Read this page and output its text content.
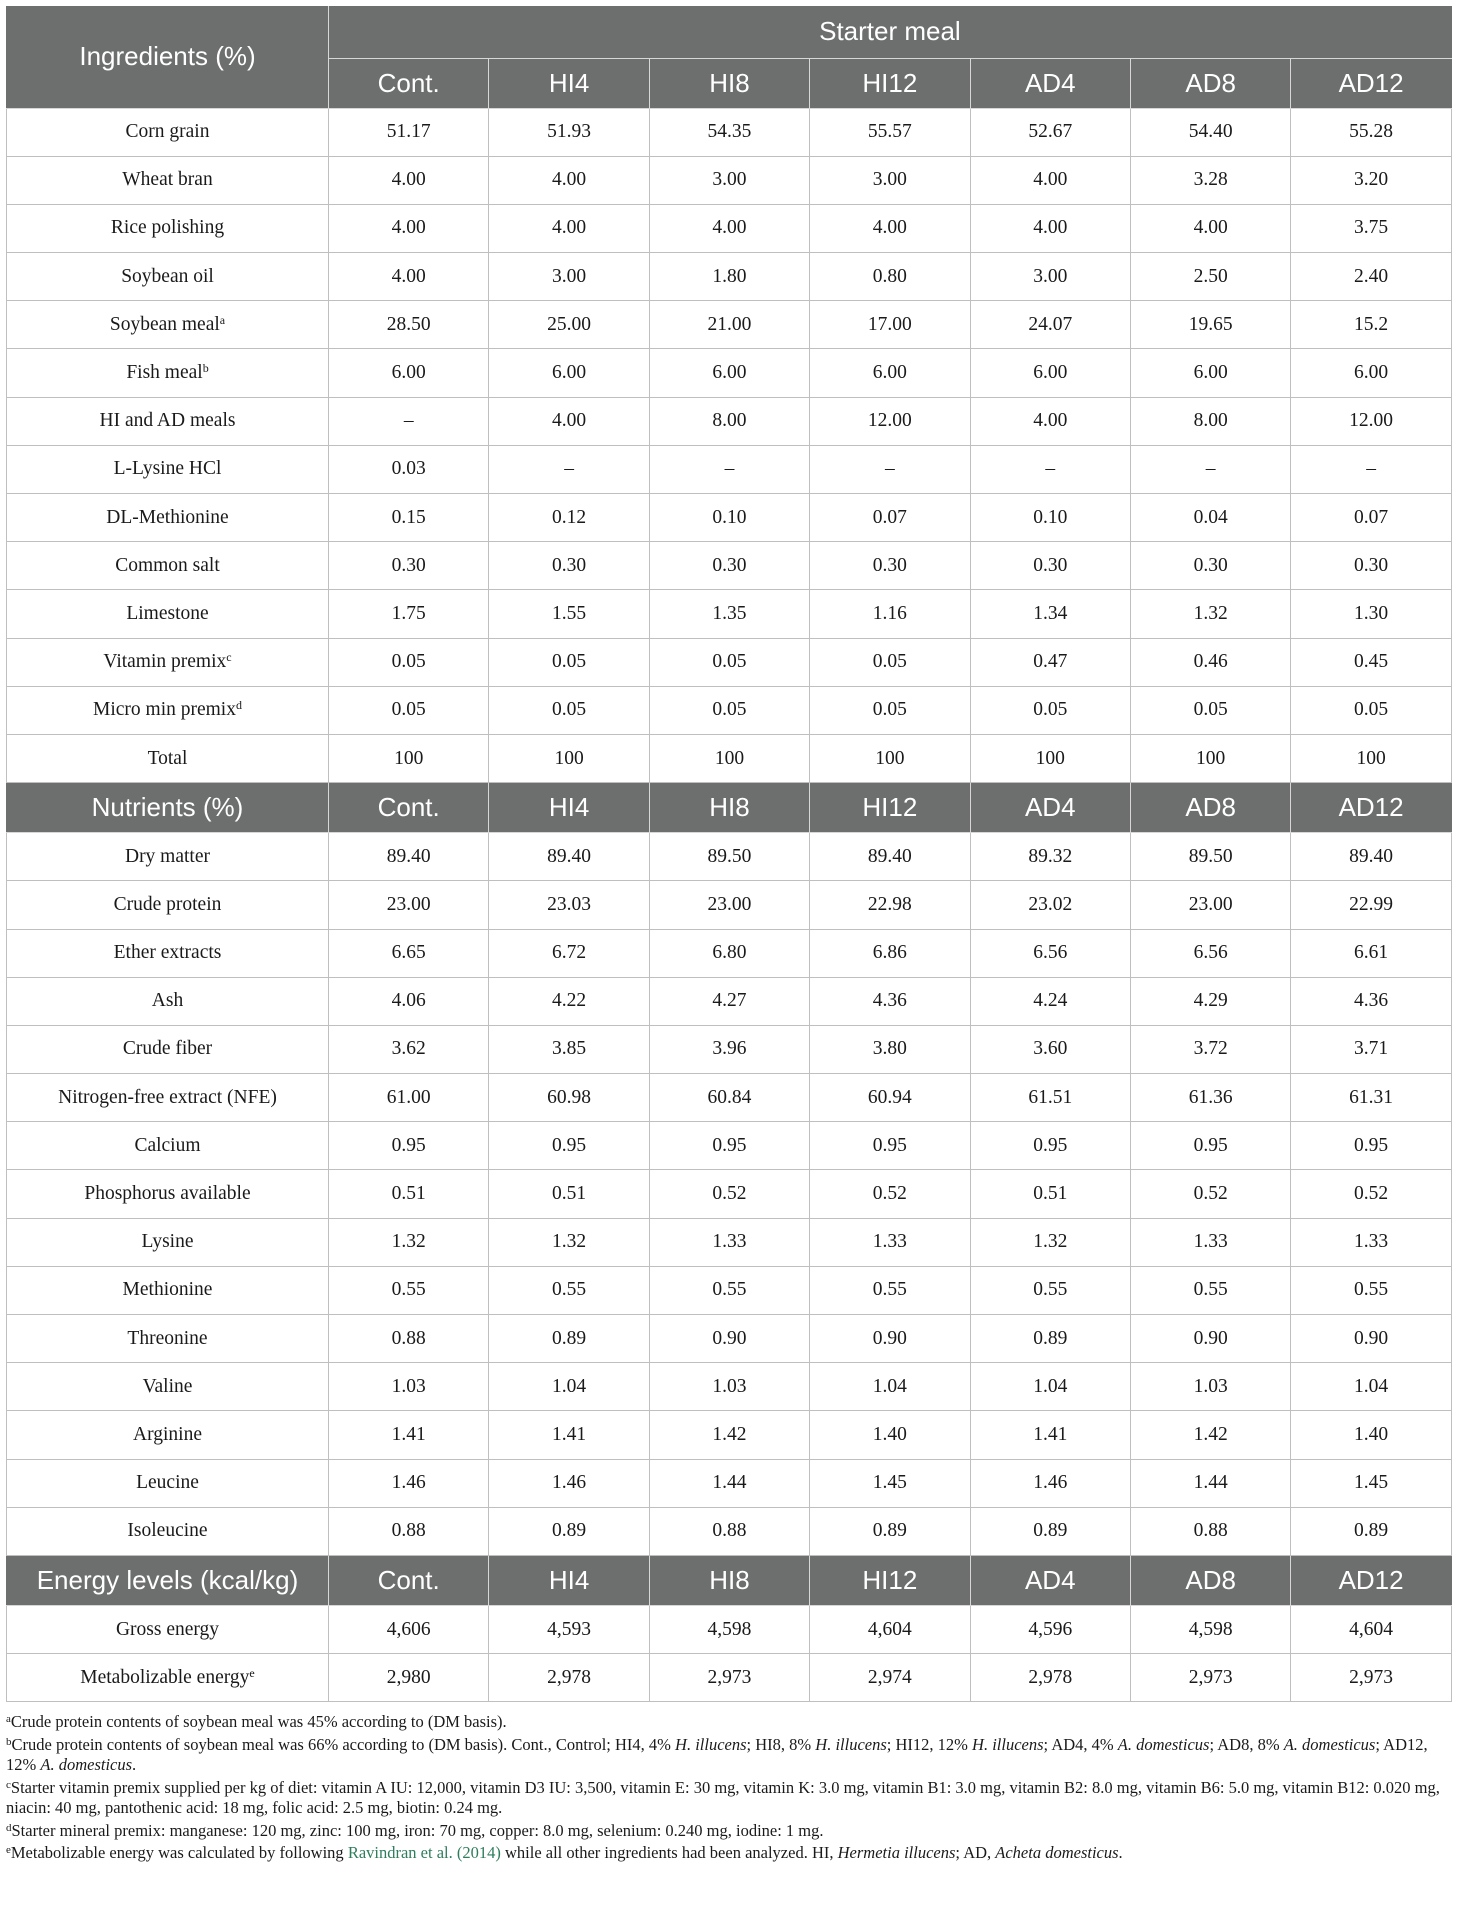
Ingredients (%)	Starter meal						
	Cont.	HI4	HI8	HI12	AD4	AD8	AD12
Corn grain	51.17	51.93	54.35	55.57	52.67	54.40	55.28
Wheat bran	4.00	4.00	3.00	3.00	4.00	3.28	3.20
Rice polishing	4.00	4.00	4.00	4.00	4.00	4.00	3.75
Soybean oil	4.00	3.00	1.80	0.80	3.00	2.50	2.40
Soybean meal$^a$	28.50	25.00	21.00	17.00	24.07	19.65	15.2
Fish meal$^b$	6.00	6.00	6.00	6.00	6.00	6.00	6.00
HI and AD meals	–	4.00	8.00	12.00	4.00	8.00	12.00
L-Lysine HCl	0.03	–	–	–	–	–	–
DL-Methionine	0.15	0.12	0.10	0.07	0.10	0.04	0.07
Common salt	0.30	0.30	0.30	0.30	0.30	0.30	0.30
Limestone	1.75	1.55	1.35	1.16	1.34	1.32	1.30
Vitamin premix$^c$	0.05	0.05	0.05	0.05	0.47	0.46	0.45
Micro min premix$^d$	0.05	0.05	0.05	0.05	0.05	0.05	0.05
Total	100	100	100	100	100	100	100
Nutrients (%)	Cont.	HI4	HI8	HI12	AD4	AD8	AD12
Dry matter	89.40	89.40	89.50	89.40	89.32	89.50	89.40
Crude protein	23.00	23.03	23.00	22.98	23.02	23.00	22.99
Ether extracts	6.65	6.72	6.80	6.86	6.56	6.56	6.61
Ash	4.06	4.22	4.27	4.36	4.24	4.29	4.36
Crude fiber	3.62	3.85	3.96	3.80	3.60	3.72	3.71
Nitrogen-free extract (NFE)	61.00	60.98	60.84	60.94	61.51	61.36	61.31
Calcium	0.95	0.95	0.95	0.95	0.95	0.95	0.95
Phosphorus available	0.51	0.51	0.52	0.52	0.51	0.52	0.52
Lysine	1.32	1.32	1.33	1.33	1.32	1.33	1.33
Methionine	0.55	0.55	0.55	0.55	0.55	0.55	0.55
Threonine	0.88	0.89	0.90	0.90	0.89	0.90	0.90
Valine	1.03	1.04	1.03	1.04	1.04	1.03	1.04
Arginine	1.41	1.41	1.42	1.40	1.41	1.42	1.40
Leucine	1.46	1.46	1.44	1.45	1.46	1.44	1.45
Isoleucine	0.88	0.89	0.88	0.89	0.89	0.88	0.89
Energy levels (kcal/kg)	Cont.	HI4	HI8	HI12	AD4	AD8	AD12
Gross energy	4,606	4,593	4,598	4,604	4,596	4,598	4,604
Metabolizable energy$^e$	2,980	2,978	2,973	2,974	2,978	2,973	2,973

$^a$Crude protein contents of soybean meal was 45% according to (DM basis).

$^b$Crude protein contents of soybean meal was 66% according to (DM basis). Cont., Control; HI4, 4% H. illucens; HI8, 8% H. illucens; HI12, 12% H. illucens; AD4, 4% A. domesticus; AD8, 8% A. domesticus; AD12, 12% A. domesticus.

$^c$Starter vitamin premix supplied per kg of diet: vitamin A IU: 12,000, vitamin D3 IU: 3,500, vitamin E: 30 mg, vitamin K: 3.0 mg, vitamin B1: 3.0 mg, vitamin B2: 8.0 mg, vitamin B6: 5.0 mg, vitamin B12: 0.020 mg, niacin: 40 mg, pantothenic acid: 18 mg, folic acid: 2.5 mg, biotin: 0.24 mg.

$^d$Starter mineral premix: manganese: 120 mg, zinc: 100 mg, iron: 70 mg, copper: 8.0 mg, selenium: 0.240 mg, iodine: 1 mg.

$^e$Metabolizable energy was calculated by following Ravindran et al. (2014) while all other ingredients had been analyzed. HI, Hermetia illucens; AD, Acheta domesticus.
